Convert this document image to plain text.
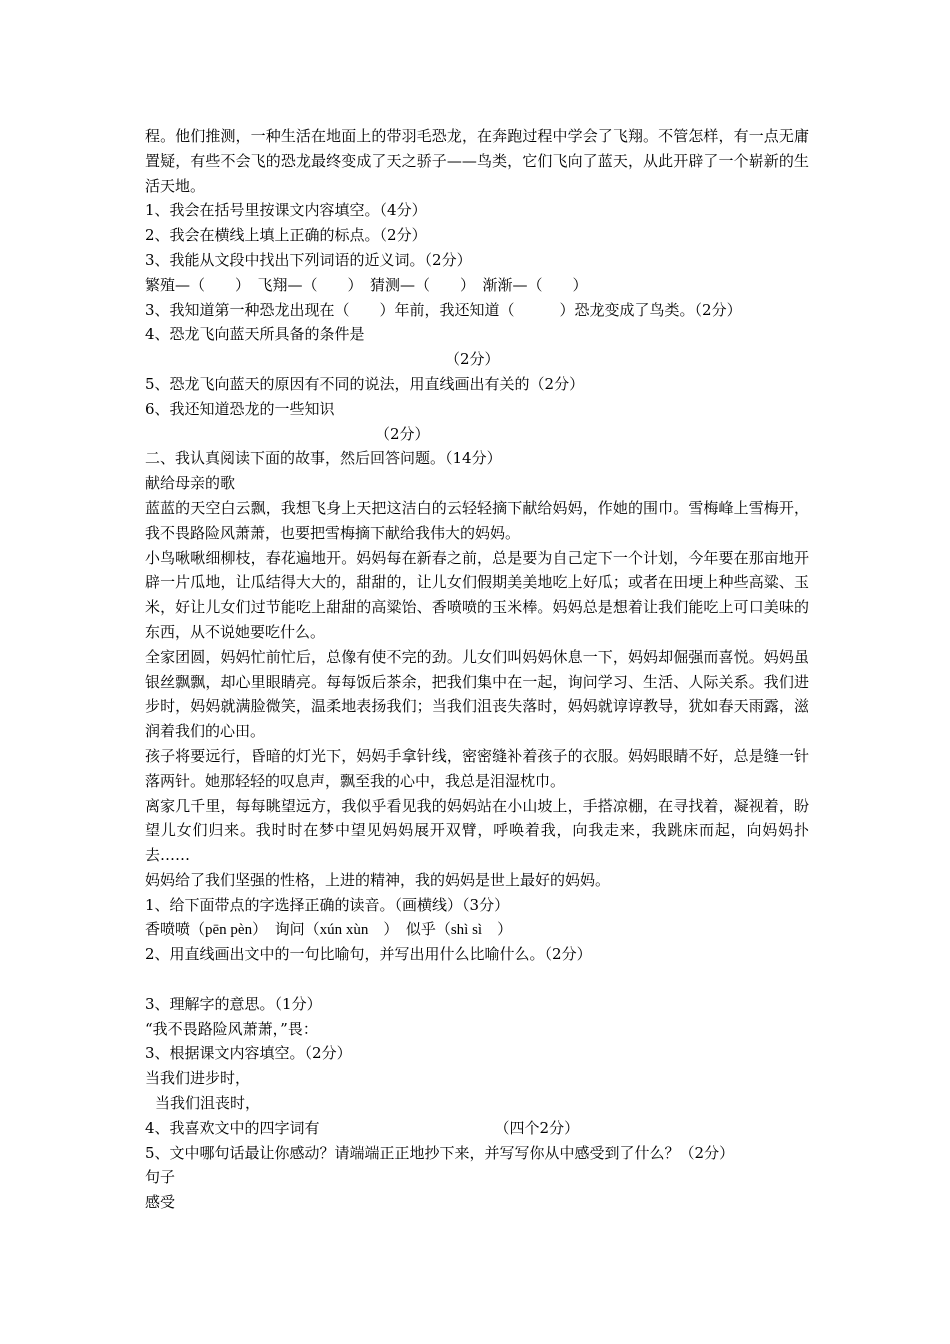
程。他们推测，一种生活在地面上的带羽毛恐龙，在奔跑过程中学会了飞翔。不管怎样，有一点无庸置疑，有些不会飞的恐龙最终变成了天之骄子——鸟类，它们飞向了蓝天，从此开辟了一个崭新的生活天地。
1、我会在括号里按课文内容填空。（4分）
2、我会在横线上填上正确的标点。（2分）
3、我能从文段中找出下列词语的近义词。（2分）
繁殖—（　　）　飞翔—（　　）　猜测—（　　）　渐渐—（　　）
3、我知道第一种恐龙出现在（　　）年前，我还知道（　　　）恐龙变成了鸟类。（2分）
4、恐龙飞向蓝天所具备的条件是
（2分）
5、恐龙飞向蓝天的原因有不同的说法，用直线画出有关的（2分）
6、我还知道恐龙的一些知识
（2分）
二、我认真阅读下面的故事，然后回答问题。（14分）
献给母亲的歌
蓝蓝的天空白云飘，我想飞身上天把这洁白的云轻轻摘下献给妈妈，作她的围巾。雪梅峰上雪梅开，我不畏路险风萧萧，也要把雪梅摘下献给我伟大的妈妈。
小鸟啾啾细柳枝，春花遍地开。妈妈每在新春之前，总是要为自己定下一个计划，今年要在那亩地开辟一片瓜地，让瓜结得大大的，甜甜的，让儿女们假期美美地吃上好瓜；或者在田埂上种些高粱、玉米，好让儿女们过节能吃上甜甜的高粱饴、香喷喷的玉米棒。妈妈总是想着让我们能吃上可口美味的东西，从不说她要吃什么。
全家团圆，妈妈忙前忙后，总像有使不完的劲。儿女们叫妈妈休息一下，妈妈却倔强而喜悦。妈妈虽银丝飘飘，却心里眼睛亮。每每饭后茶余，把我们集中在一起，询问学习、生活、人际关系。我们进步时，妈妈就满脸微笑，温柔地表扬我们；当我们沮丧失落时，妈妈就谆谆教导，犹如春天雨露，滋润着我们的心田。
孩子将要远行，昏暗的灯光下，妈妈手拿针线，密密缝补着孩子的衣服。妈妈眼睛不好，总是缝一针落两针。她那轻轻的叹息声，飘至我的心中，我总是泪湿枕巾。
离家几千里，每每眺望远方，我似乎看见我的妈妈站在小山坡上，手搭凉棚，在寻找着，凝视着，盼望儿女们归来。我时时在梦中望见妈妈展开双臂，呼唤着我，向我走来，我跳床而起，向妈妈扑去……
妈妈给了我们坚强的性格，上进的精神，我的妈妈是世上最好的妈妈。
1、给下面带点的字选择正确的读音。（画横线）（3分）
香喷喷（pēn pèn）　询问（xún xùn　）　似乎（shì sì　）
2、用直线画出文中的一句比喻句，并写出用什么比喻什么。（2分）
3、理解字的意思。（1分）
“我不畏路险风萧萧，”畏：
3、根据课文内容填空。（2分）
当我们进步时，
当我们沮丧时，
4、我喜欢文中的四字词有	（四个2分）
5、文中哪句话最让你感动？请端端正正地抄下来，并写写你从中感受到了什么？（2分）
句子
感受
